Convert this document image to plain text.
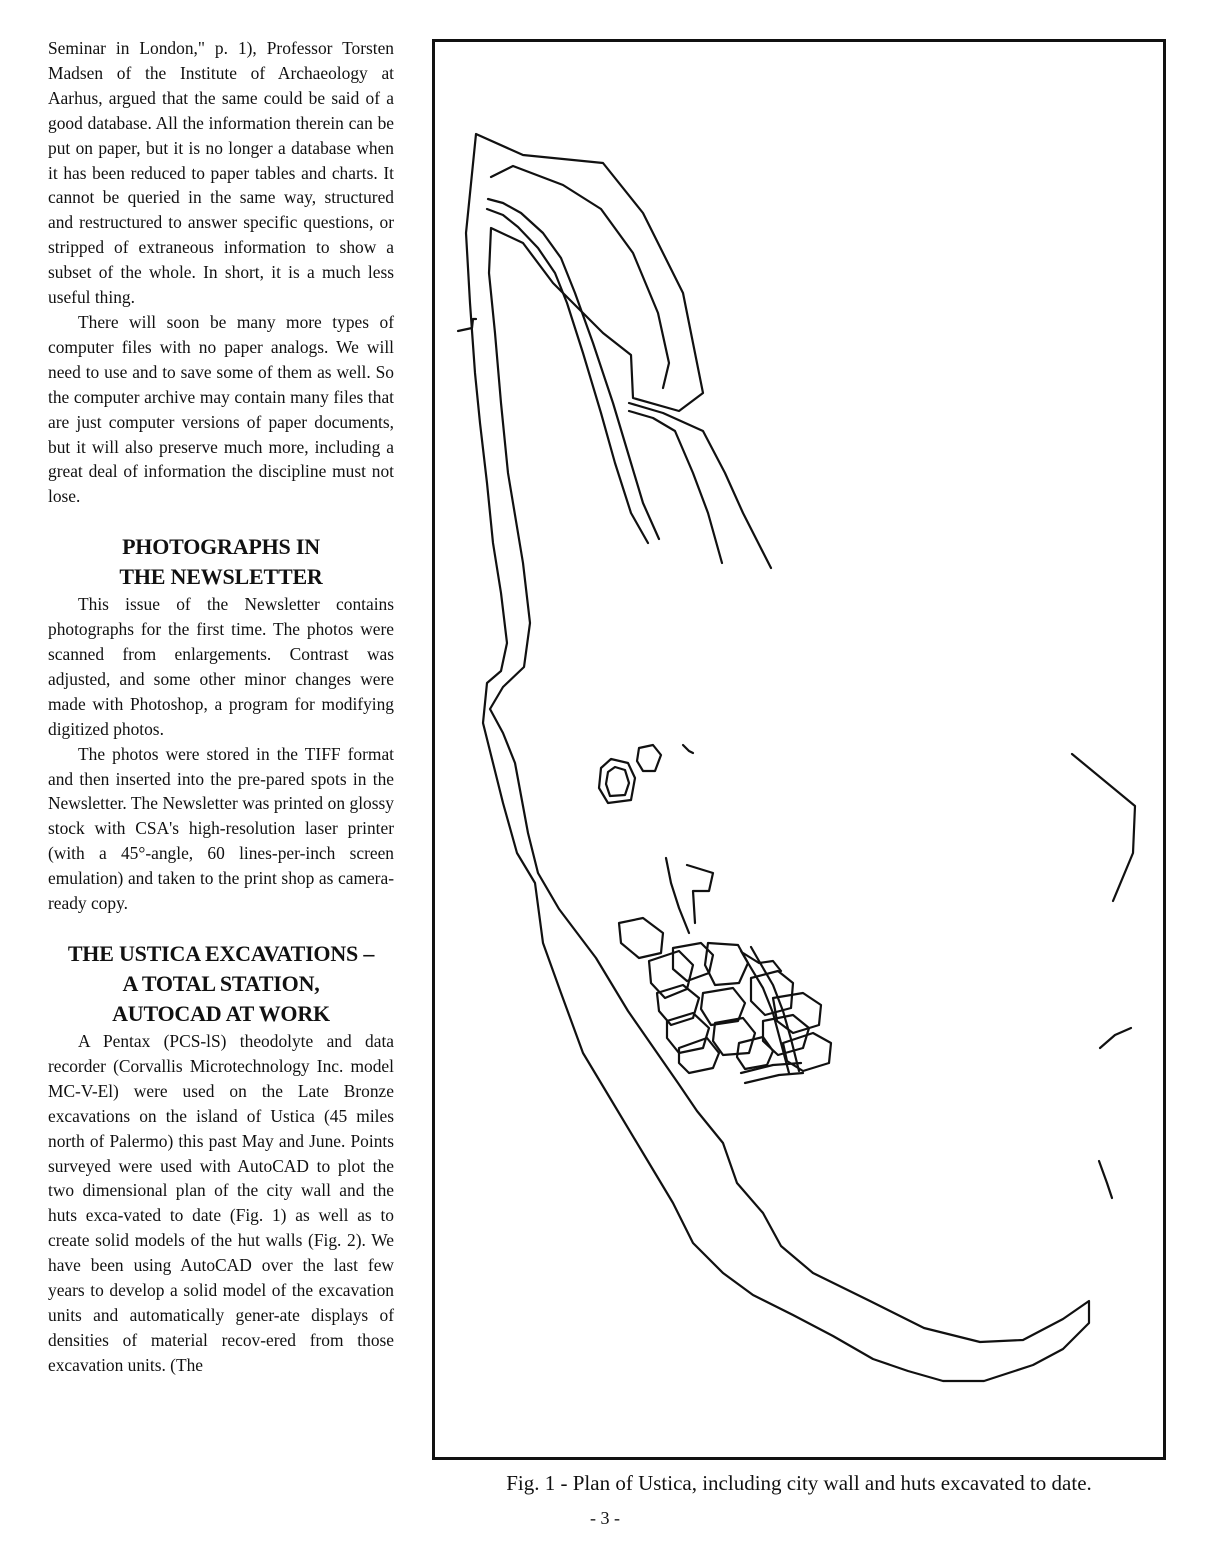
Seminar in London," p. 1), Professor Torsten Madsen of the Institute of Archaeology at Aarhus, argued that the same could be said of a good database. All the information therein can be put on paper, but it is no longer a database when it has been reduced to paper tables and charts. It cannot be queried in the same way, structured and restructured to answer specific questions, or stripped of extraneous information to show a subset of the whole. In short, it is a much less useful thing.

There will soon be many more types of computer files with no paper analogs. We will need to use and to save some of them as well. So the computer archive may contain many files that are just computer versions of paper documents, but it will also preserve much more, including a great deal of information the discipline must not lose.

PHOTOGRAPHS IN
THE NEWSLETTER

This issue of the Newsletter contains photographs for the first time. The photos were scanned from enlargements. Contrast was adjusted, and some other minor changes were made with Photoshop, a program for modifying digitized photos.

The photos were stored in the TIFF format and then inserted into the pre-pared spots in the Newsletter. The Newsletter was printed on glossy stock with CSA's high-resolution laser printer (with a 45°-angle, 60 lines-per-inch screen emulation) and taken to the print shop as camera-ready copy.

THE USTICA EXCAVATIONS –
A TOTAL STATION,
AUTOCAD AT WORK

A Pentax (PCS-lS) theodolyte and data recorder (Corvallis Microtechnology Inc. model MC-V-El) were used on the Late Bronze excavations on the island of Ustica (45 miles north of Palermo) this past May and June. Points surveyed were used with AutoCAD to plot the two dimensional plan of the city wall and the huts exca-vated to date (Fig. 1) as well as to create solid models of the hut walls (Fig. 2). We have been using AutoCAD over the last few years to develop a solid model of the excavation units and automatically gener-ate displays of densities of material recov-ered from those excavation units. (The

Fig. 1 - Plan of Ustica, including city wall and huts excavated to date.
- 3 -
